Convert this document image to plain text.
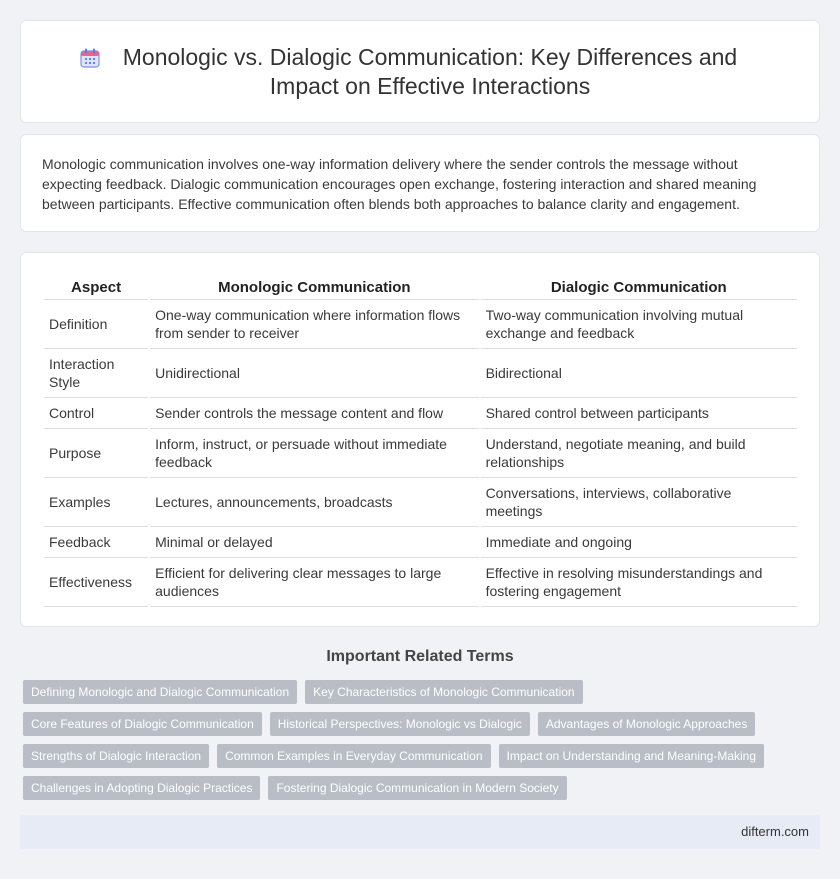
Monologic vs. Dialogic Communication: Key Differences and Impact on Effective Interactions

Monologic communication involves one-way information delivery where the sender controls the message without expecting feedback. Dialogic communication encourages open exchange, fostering interaction and shared meaning between participants. Effective communication often blends both approaches to balance clarity and engagement.

Aspect	Monologic Communication	Dialogic Communication
Definition	One-way communication where information flows from sender to receiver	Two-way communication involving mutual exchange and feedback
Interaction Style	Unidirectional	Bidirectional
Control	Sender controls the message content and flow	Shared control between participants
Purpose	Inform, instruct, or persuade without immediate feedback	Understand, negotiate meaning, and build relationships
Examples	Lectures, announcements, broadcasts	Conversations, interviews, collaborative meetings
Feedback	Minimal or delayed	Immediate and ongoing
Effectiveness	Efficient for delivering clear messages to large audiences	Effective in resolving misunderstandings and fostering engagement
Important Related Terms
Defining Monologic and Dialogic Communication	Key Characteristics of Monologic Communication
Core Features of Dialogic Communication	Historical Perspectives: Monologic vs Dialogic	Advantages of Monologic Approaches
Strengths of Dialogic Interaction	Common Examples in Everyday Communication	Impact on Understanding and Meaning-Making
Challenges in Adopting Dialogic Practices	Fostering Dialogic Communication in Modern Society
difterm.com
